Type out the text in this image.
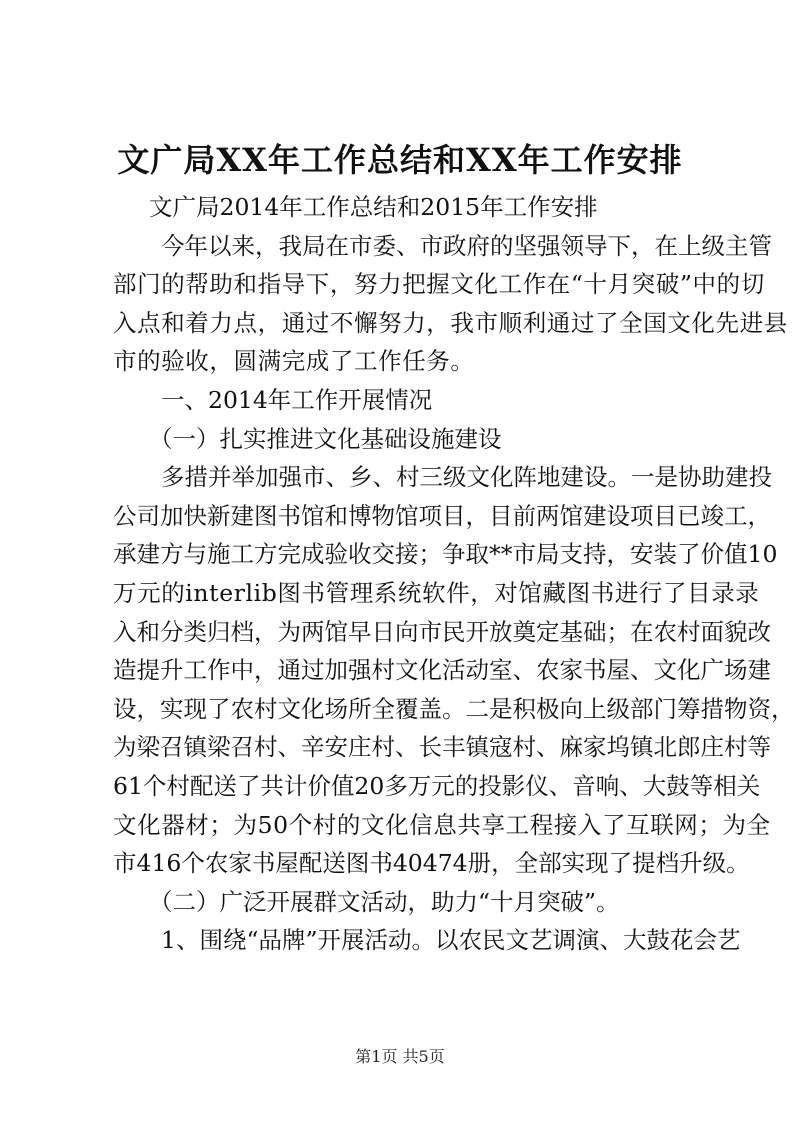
文广局XX年工作总结和XX年工作安排
文广局2014年工作总结和2015年工作安排
今年以来，我局在市委、市政府的坚强领导下，在上级主管
部门的帮助和指导下，努力把握文化工作在“十月突破”中的切
入点和着力点，通过不懈努力，我市顺利通过了全国文化先进县
市的验收，圆满完成了工作任务。
一、2014年工作开展情况
（一）扎实推进文化基础设施建设
多措并举加强市、乡、村三级文化阵地建设。一是协助建投
公司加快新建图书馆和博物馆项目，目前两馆建设项目已竣工，
承建方与施工方完成验收交接；争取**市局支持，安装了价值10
万元的interlib图书管理系统软件，对馆藏图书进行了目录录
入和分类归档，为两馆早日向市民开放奠定基础；在农村面貌改
造提升工作中，通过加强村文化活动室、农家书屋、文化广场建
设，实现了农村文化场所全覆盖。二是积极向上级部门筹措物资，
为梁召镇梁召村、辛安庄村、长丰镇寇村、麻家坞镇北郎庄村等
61个村配送了共计价值20多万元的投影仪、音响、大鼓等相关
文化器材；为50个村的文化信息共享工程接入了互联网；为全
市416个农家书屋配送图书40474册，全部实现了提档升级。
（二）广泛开展群文活动，助力“十月突破”。
1、围绕“品牌”开展活动。以农民文艺调演、大鼓花会艺
第1页 共5页
